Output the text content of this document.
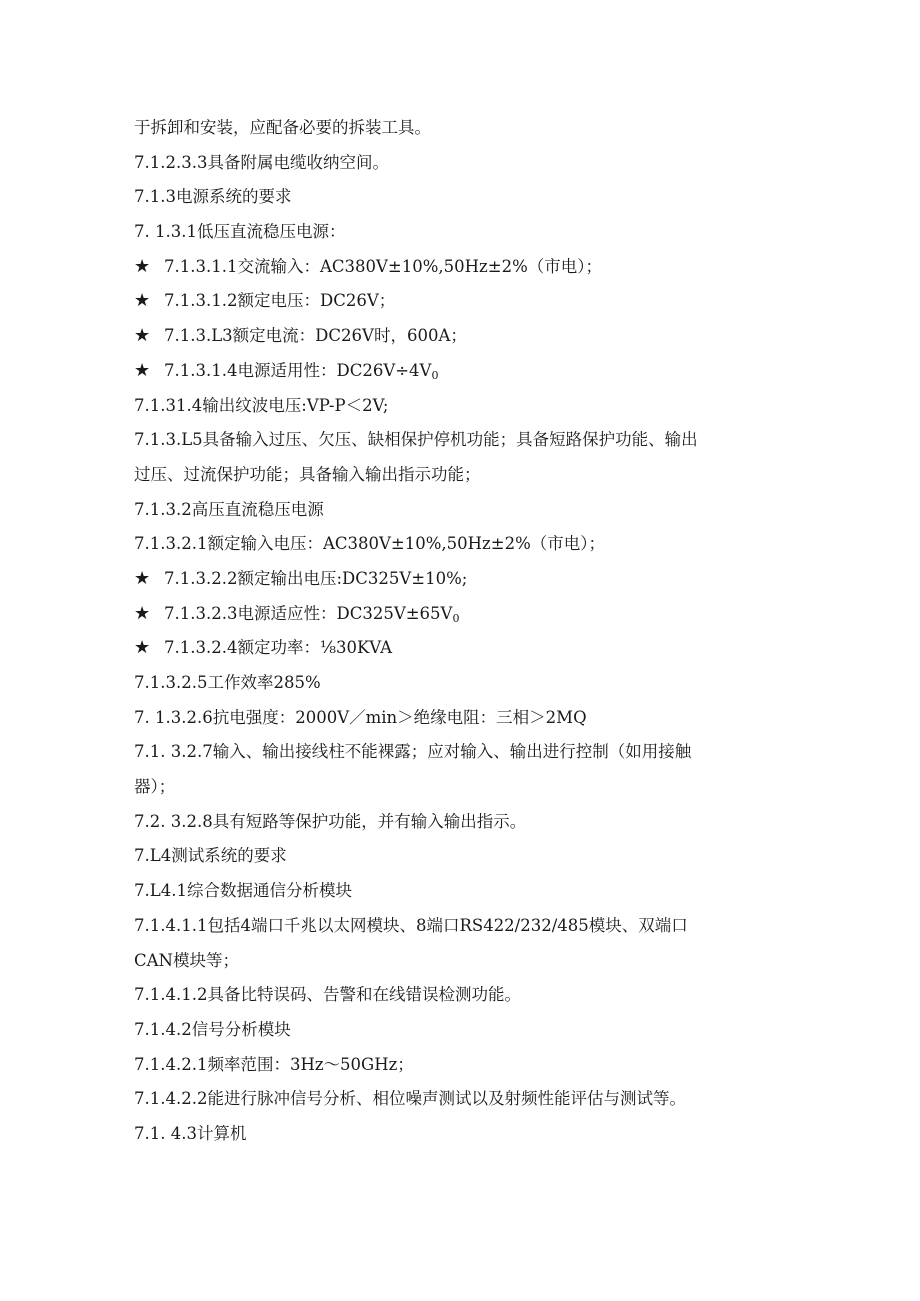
于拆卸和安装，应配备必要的拆装工具。
7.1.2.3.3具备附属电缆收纳空间。
7.1.3电源系统的要求
7. 1.3.1低压直流稳压电源：
★ 7.1.3.1.1交流输入：AC380V±10%,50Hz±2%（市电）；
★ 7.1.3.1.2额定电压：DC26V；
★ 7.1.3.L3额定电流：DC26V时，600A；
★ 7.1.3.1.4电源适用性：$DC26V\div 4V_0$
7.1.31.4输出纹波电压:VP-P＜2V;
7.1.3.L5具备输入过压、欠压、缺相保护停机功能；具备短路保护功能、输出
过压、过流保护功能；具备输入输出指示功能；
7.1.3.2高压直流稳压电源
7.1.3.2.1额定输入电压：AC380V±10%,50Hz±2%（市电）；
★ 7.1.3.2.2额定输出电压:DC325V±10%;
★ 7.1.3.2.3电源适应性：$DC325V\pm 65V_0$
★ 7.1.3.2.4额定功率：⅛30KVA
7.1.3.2.5工作效率285%
7. 1.3.2.6抗电强度：2000V／min＞绝缘电阻：三相＞2MQ
7.1. 3.2.7输入、输出接线柱不能裸露；应对输入、输出进行控制（如用接触
器）；
7.2. 3.2.8具有短路等保护功能，并有输入输出指示。
7.L4测试系统的要求
7.L4.1综合数据通信分析模块
7.1.4.1.1包括4端口千兆以太网模块、8端口RS422/232/485模块、双端口
CAN模块等；
7.1.4.1.2具备比特误码、告警和在线错误检测功能。
7.1.4.2信号分析模块
7.1.4.2.1频率范围：3Hz～50GHz；
7.1.4.2.2能进行脉冲信号分析、相位噪声测试以及射频性能评估与测试等。
7.1. 4.3计算机
